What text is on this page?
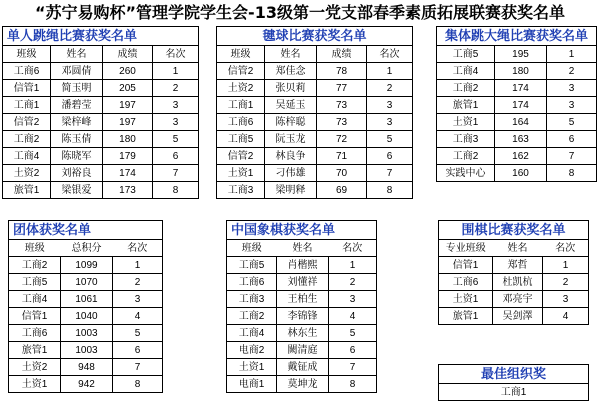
“苏宁易购杯”管理学院学生会-13级第一党支部春季素质拓展联赛获奖名单
单人跳绳比赛获奖名单			
班级	姓名	成绩	名次
工商6	邓圆倩	260	1
信管1	简玉明	205	2
工商1	潘碧莹	197	3
信管2	梁梓峰	197	3
工商2	陈玉倩	180	5
工商4	陈晓军	179	6
土资2	刘裕良	174	7
旅管1	梁银爱	173	8
毽球比赛获奖名单			
班级	姓名	成绩	名次
信管2	郑佳念	78	1
土资2	张贝莉	77	2
工商1	吴延玉	73	3
工商6	陈梓聪	73	3
工商5	阮玉龙	72	5
信管2	林良争	71	6
土资1	刁伟雄	70	7
工商3	梁明释	69	8
集体跳大绳比赛获奖名单		
工商5	195	1
工商4	180	2
工商2	174	3
旅管1	174	3
土资1	164	5
工商3	163	6
工商2	162	7
实践中心	160	8
团体获奖名单		
班级	总积分	名次
工商2	1099	1
工商5	1070	2
工商4	1061	3
信管1	1040	4
工商6	1003	5
旅管1	1003	6
土资2	948	7
土资1	942	8
中国象棋获奖名单		
班级	姓名	名次
工商5	肖楷熙	1
工商6	刘懂祥	2
工商3	王柏生	3
工商2	李锦锋	4
工商4	林东生	5
电商2	闕清庭	6
土资1	戴钲成	7
电商1	莫坤龙	8
围棋比赛获奖名单		
专业班级	姓名	名次
信管1	郑哲	1
工商6	杜凯杭	2
土资1	邓亮宇	3
旅管1	吴剑澤	4
最佳组织奖
工商1
